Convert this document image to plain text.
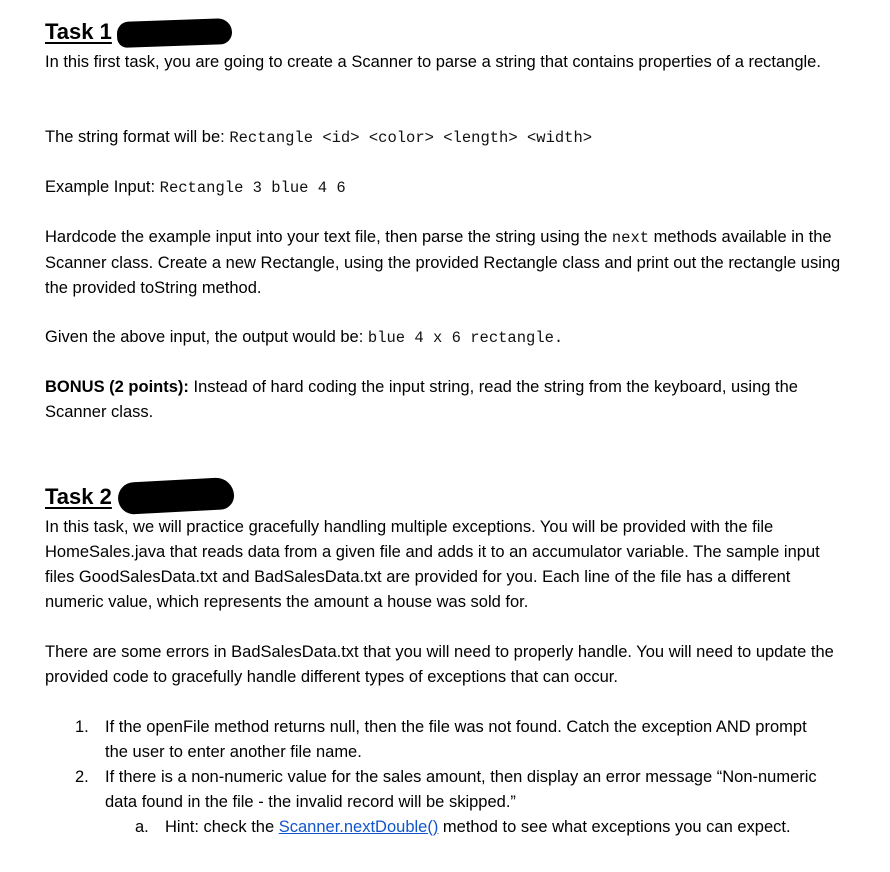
Task 1

In this first task, you are going to create a Scanner to parse a string that contains properties of a rectangle.

The string format will be: Rectangle <id> <color> <length> <width>

Example Input: Rectangle 3 blue 4 6

Hardcode the example input into your text file, then parse the string using the next methods available in the Scanner class. Create a new Rectangle, using the provided Rectangle class and print out the rectangle using the provided toString method.

Given the above input, the output would be: blue 4 x 6 rectangle.

BONUS (2 points): Instead of hard coding the input string, read the string from the keyboard, using the Scanner class.

Task 2

In this task, we will practice gracefully handling multiple exceptions. You will be provided with the file HomeSales.java that reads data from a given file and adds it to an accumulator variable. The sample input files GoodSalesData.txt and BadSalesData.txt are provided for you. Each line of the file has a different numeric value, which represents the amount a house was sold for.

There are some errors in BadSalesData.txt that you will need to properly handle. You will need to update the provided code to gracefully handle different types of exceptions that can occur.

1. If the openFile method returns null, then the file was not found. Catch the exception AND prompt the user to enter another file name.

2. If there is a non-numeric value for the sales amount, then display an error message “Non-numeric data found in the file - the invalid record will be skipped.”

a. Hint: check the Scanner.nextDouble() method to see what exceptions you can expect.
